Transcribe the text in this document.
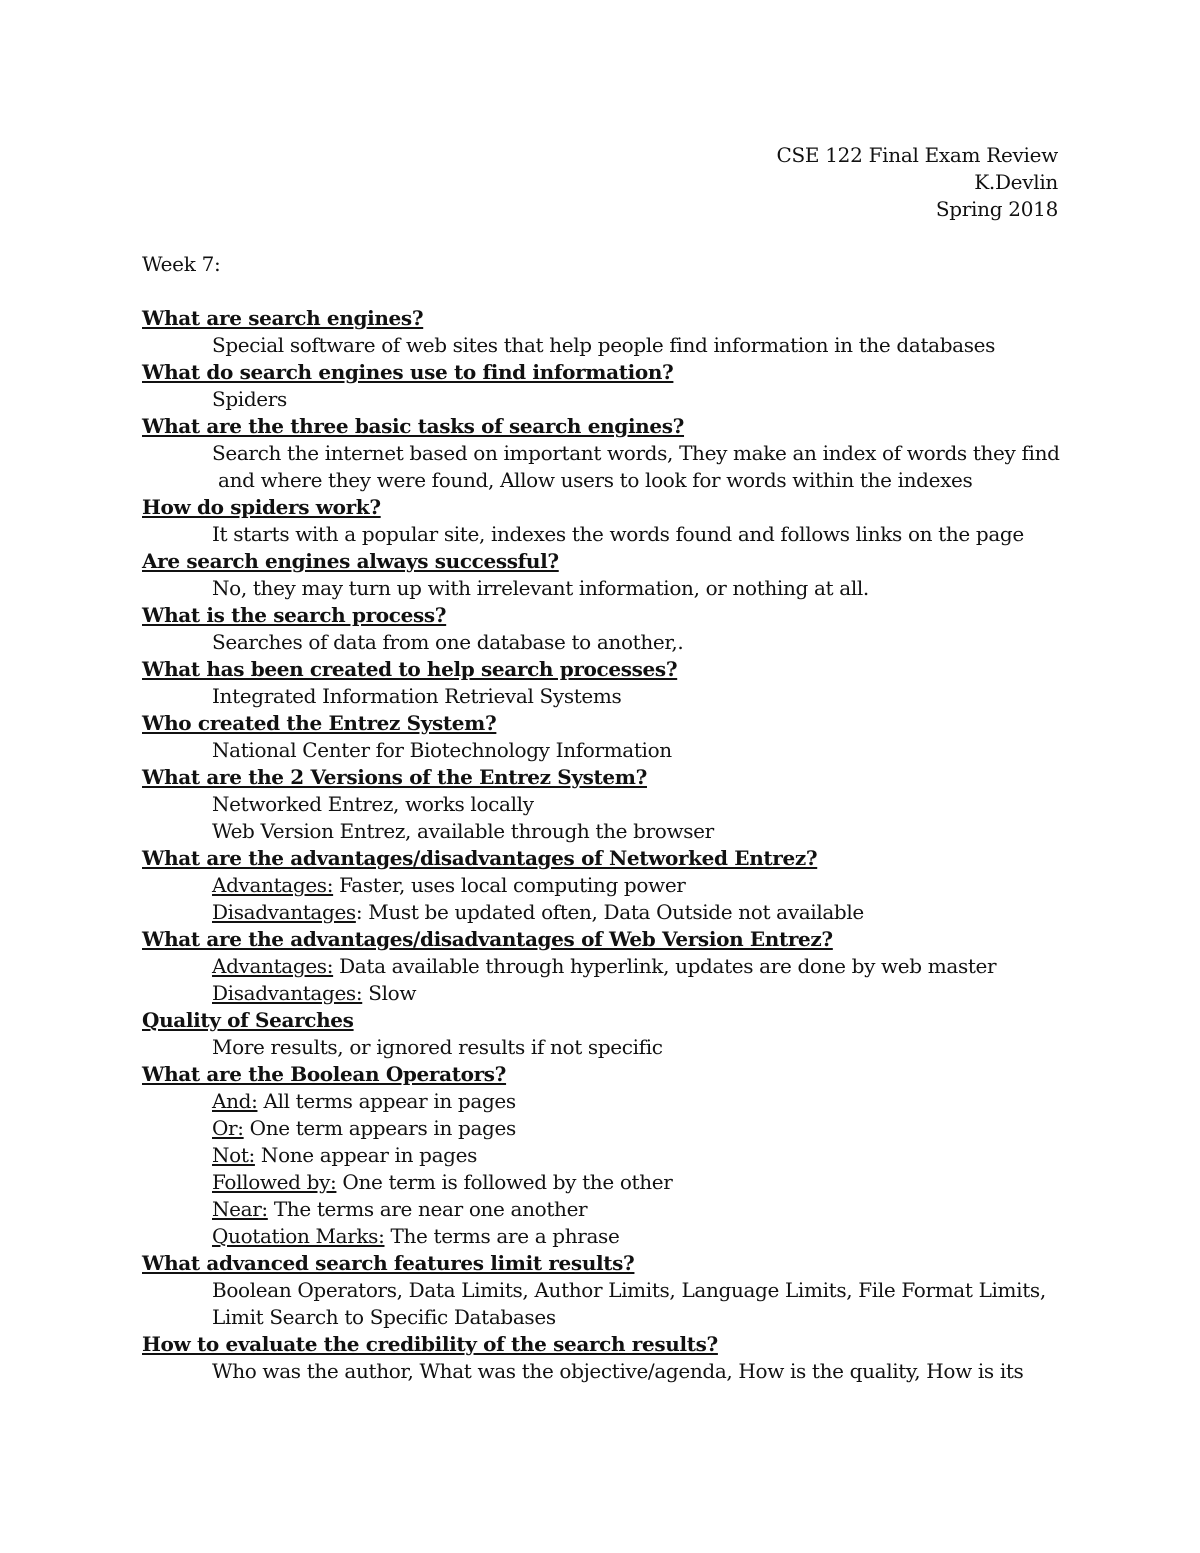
CSE 122 Final Exam Review
K.Devlin
Spring 2018
Week 7:
What are search engines?
Special software of web sites that help people find information in the databases
What do search engines use to find information?
Spiders
What are the three basic tasks of search engines?
Search the internet based on important words, They make an index of words they find
and where they were found, Allow users to look for words within the indexes
How do spiders work?
It starts with a popular site, indexes the words found and follows links on the page
Are search engines always successful?
No, they may turn up with irrelevant information, or nothing at all.
What is the search process?
Searches of data from one database to another,.
What has been created to help search processes?
Integrated Information Retrieval Systems
Who created the Entrez System?
National Center for Biotechnology Information
What are the 2 Versions of the Entrez System?
Networked Entrez, works locally
Web Version Entrez, available through the browser
What are the advantages/disadvantages of Networked Entrez?
Advantages: Faster, uses local computing power
Disadvantages: Must be updated often, Data Outside not available
What are the advantages/disadvantages of Web Version Entrez?
Advantages: Data available through hyperlink, updates are done by web master
Disadvantages: Slow
Quality of Searches
More results, or ignored results if not specific
What are the Boolean Operators?
And: All terms appear in pages
Or: One term appears in pages
Not: None appear in pages
Followed by: One term is followed by the other
Near: The terms are near one another
Quotation Marks: The terms are a phrase
What advanced search features limit results?
Boolean Operators, Data Limits, Author Limits, Language Limits, File Format Limits,
Limit Search to Specific Databases
How to evaluate the credibility of the search results?
Who was the author, What was the objective/agenda, How is the quality, How is its
